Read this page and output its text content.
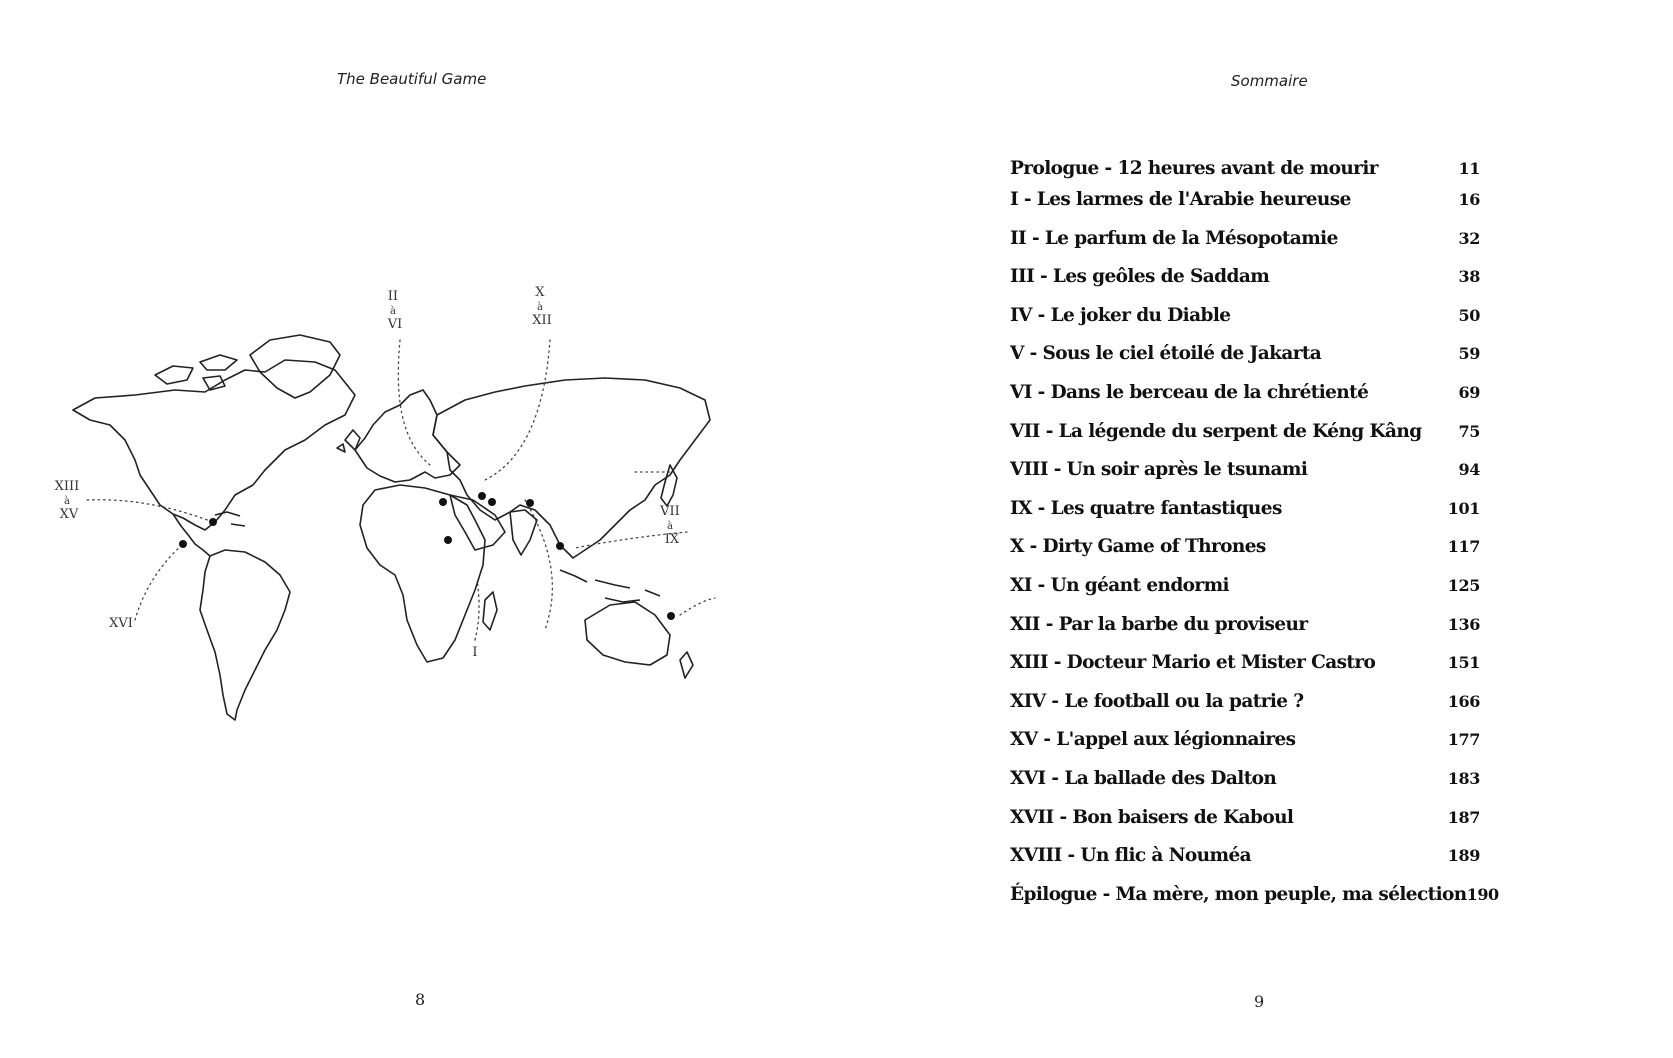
The Beautiful Game
II à VI
X à XII
XIII à XV	VII à IX
XVI
I
8
Sommaire
Prologue - 12 heures avant de mourir	11
I - Les larmes de l'Arabie heureuse	16
II - Le parfum de la Mésopotamie	32
III - Les geôles de Saddam	38
IV - Le joker du Diable	50
V - Sous le ciel étoilé de Jakarta	59
VI - Dans le berceau de la chrétienté	69
VII - La légende du serpent de Kéng Kâng 75
VIII - Un soir après le tsunami	94
IX - Les quatre fantastiques	101
X - Dirty Game of Thrones	117
XI - Un géant endormi	125
XII - Par la barbe du proviseur	136
XIII - Docteur Mario et Mister Castro	151
XIV - Le football ou la patrie ?	166
XV - L'appel aux légionnaires	177
XVI - La ballade des Dalton	183
XVII - Bon baisers de Kaboul	187
XVIII - Un flic à Nouméa	189
Épilogue - Ma mère, mon peuple, ma sélection 190
9
